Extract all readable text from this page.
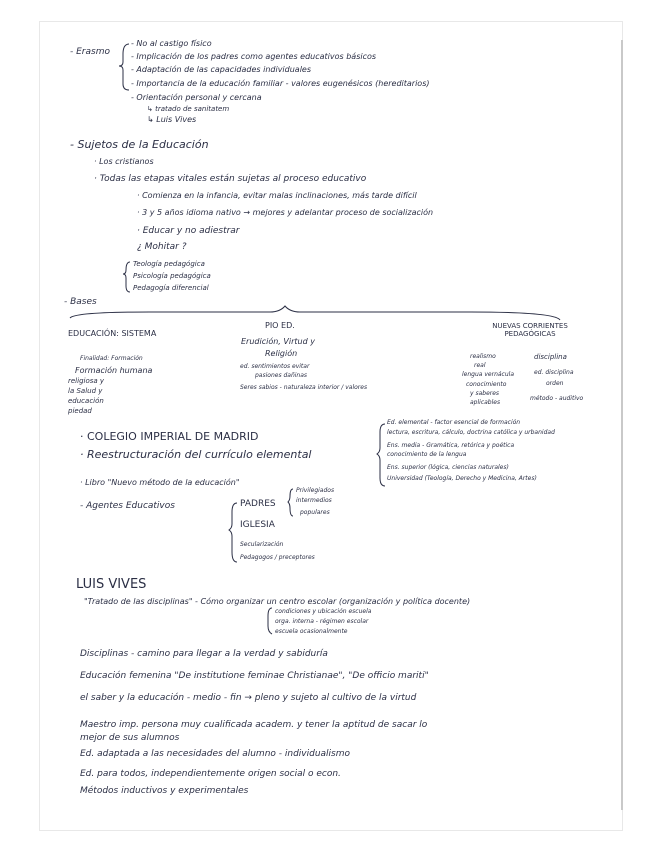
- Erasmo
- No al castigo físico
- Implicación de los padres como agentes educativos básicos
- Adaptación de las capacidades individuales
- Importancia de la educación familiar - valores eugenésicos (hereditarios)
- Orientación personal y cercana
↳ tratado de sanitatem
↳ Luis Vives
- Sujetos de la Educación
· Los cristianos
· Todas las etapas vitales están sujetas al proceso educativo
· Comienza en la infancia, evitar malas inclinaciones, más tarde difícil
· 3 y 5 años idioma nativo → mejores y adelantar proceso de socialización
· Educar y no adiestrar
¿ Mohitar ?
Teología pedagógica
Psicología pedagógica
Pedagogía diferencial
- Bases
EDUCACIÓN: SISTEMA
Finalidad: Formación
Formación humana
religiosa y
la Salud y
educación
piedad
PIO ED.
Erudición, Virtud y
Religión
ed. sentimientos evitar
pasiones dañinas
Seres sabios - naturaleza interior / valores
NUEVAS CORRIENTES PEDAGÓGICAS
realismo
real
lengua vernácula
conocimiento
y saberes
aplicables
disciplina
ed. disciplina
orden
método - auditivo
· COLEGIO IMPERIAL DE MADRID
· Reestructuración del currículo elemental
Ed. elemental - factor esencial de formación
lectura, escritura, cálculo, doctrina católica y urbanidad
Ens. media - Gramática, retórica y poética
conocimiento de la lengua
Ens. superior (lógica, ciencias naturales)
Universidad (Teología, Derecho y Medicina, Artes)
· Libro "Nuevo método de la educación"
- Agentes Educativos	PADRES
IGLESIA
Secularización
Pedagogos / preceptores
Privilegiados
intermedios
populares
LUIS VIVES
"Tratado de las disciplinas" - Cómo organizar un centro escolar (organización y política docente)
condiciones y ubicación escuela
orga. interna - régimen escolar
escuela ocasionalmente
Disciplinas - camino para llegar a la verdad y sabiduría
Educación femenina "De institutione feminae Christianae", "De officio mariti"
el saber y la educación - medio - fin → pleno y sujeto al cultivo de la virtud
Maestro imp. persona muy cualificada academ. y tener la aptitud de sacar lo
mejor de sus alumnos
Ed. adaptada a las necesidades del alumno - individualismo
Ed. para todos, independientemente origen social o econ.
Métodos inductivos y experimentales
